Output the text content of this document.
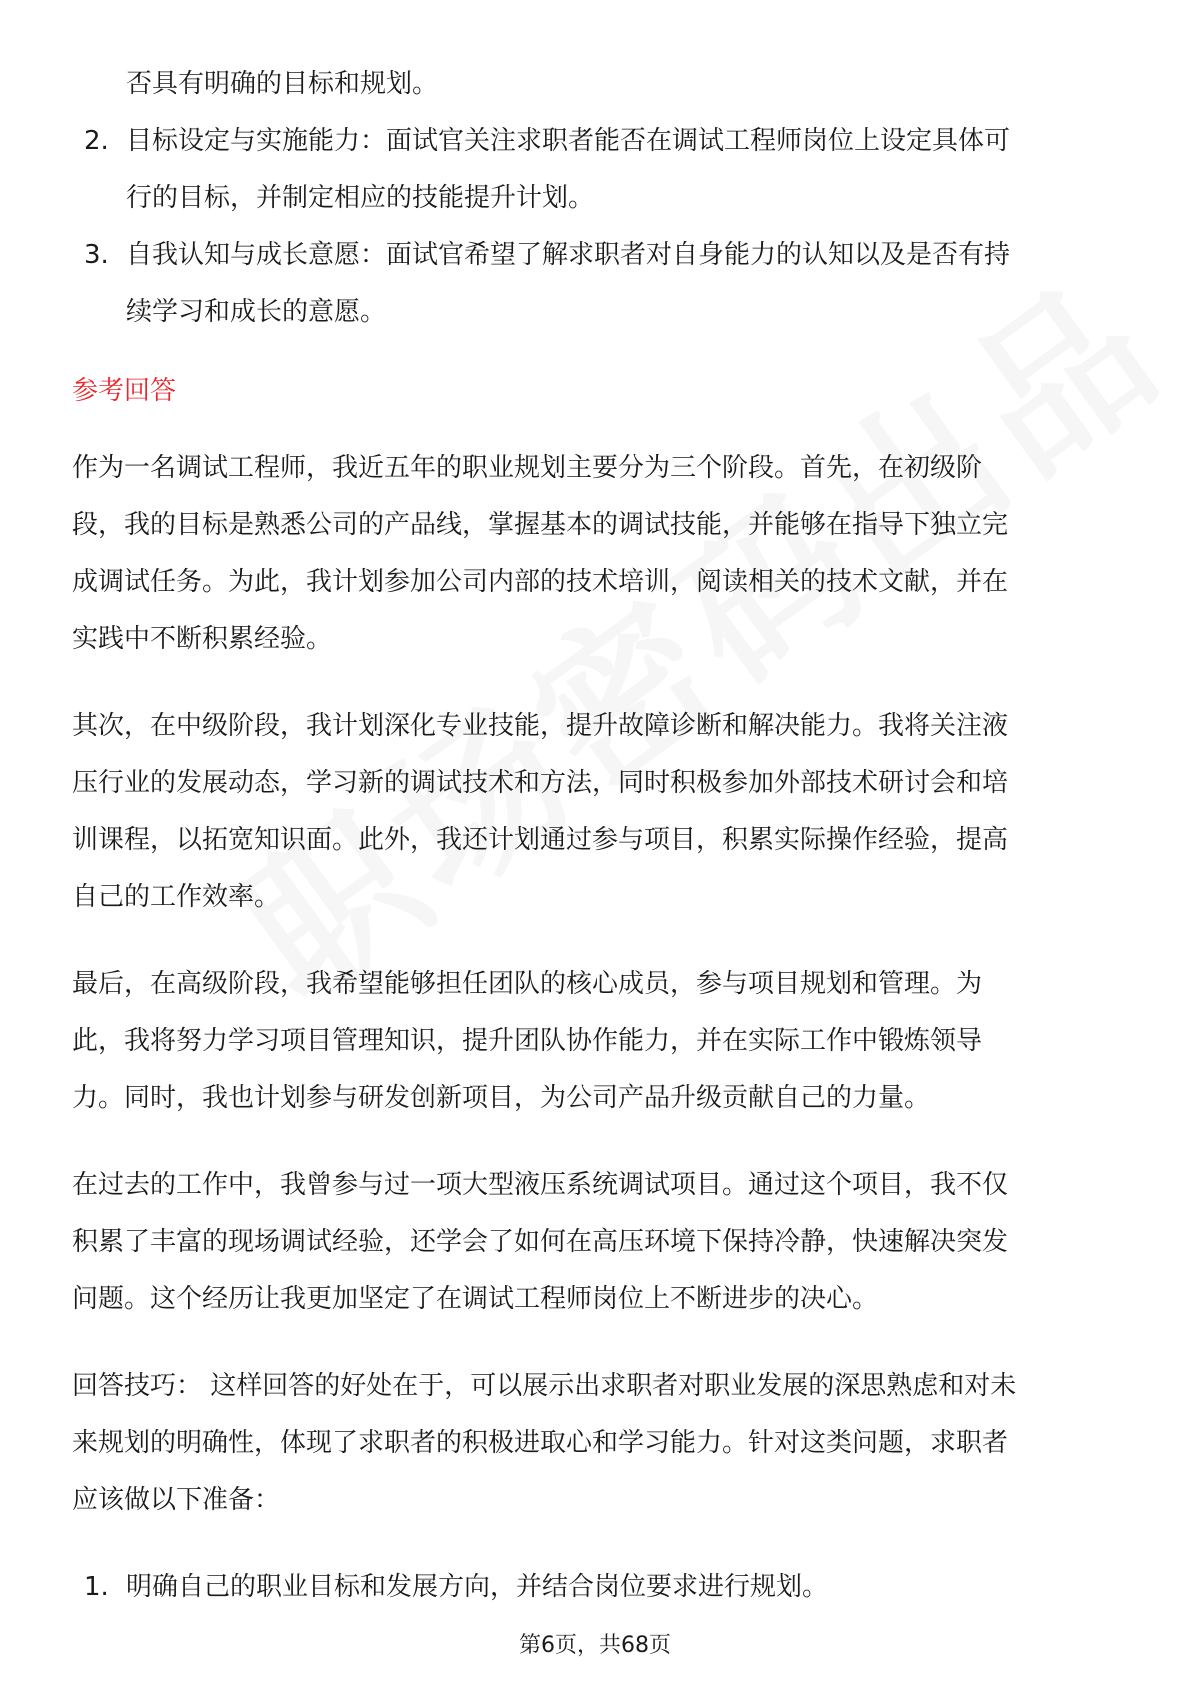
否具有明确的目标和规划。
2. 目标设定与实施能力：面试官关注求职者能否在调试工程师岗位上设定具体可
行的目标，并制定相应的技能提升计划。
3. 自我认知与成长意愿：面试官希望了解求职者对自身能力的认知以及是否有持
续学习和成长的意愿。
参考回答
作为一名调试工程师，我近五年的职业规划主要分为三个阶段。首先，在初级阶
段，我的目标是熟悉公司的产品线，掌握基本的调试技能，并能够在指导下独立完
成调试任务。为此，我计划参加公司内部的技术培训，阅读相关的技术文献，并在
实践中不断积累经验。
其次，在中级阶段，我计划深化专业技能，提升故障诊断和解决能力。我将关注液
压行业的发展动态，学习新的调试技术和方法，同时积极参加外部技术研讨会和培
训课程，以拓宽知识面。此外，我还计划通过参与项目，积累实际操作经验，提高
自己的工作效率。
最后，在高级阶段，我希望能够担任团队的核心成员，参与项目规划和管理。为
此，我将努力学习项目管理知识，提升团队协作能力，并在实际工作中锻炼领导
力。同时，我也计划参与研发创新项目，为公司产品升级贡献自己的力量。
在过去的工作中，我曾参与过一项大型液压系统调试项目。通过这个项目，我不仅
积累了丰富的现场调试经验，还学会了如何在高压环境下保持冷静，快速解决突发
问题。这个经历让我更加坚定了在调试工程师岗位上不断进步的决心。
回答技巧： 这样回答的好处在于，可以展示出求职者对职业发展的深思熟虑和对未
来规划的明确性，体现了求职者的积极进取心和学习能力。针对这类问题，求职者
应该做以下准备：
1. 明确自己的职业目标和发展方向，并结合岗位要求进行规划。
第6页，共68页
